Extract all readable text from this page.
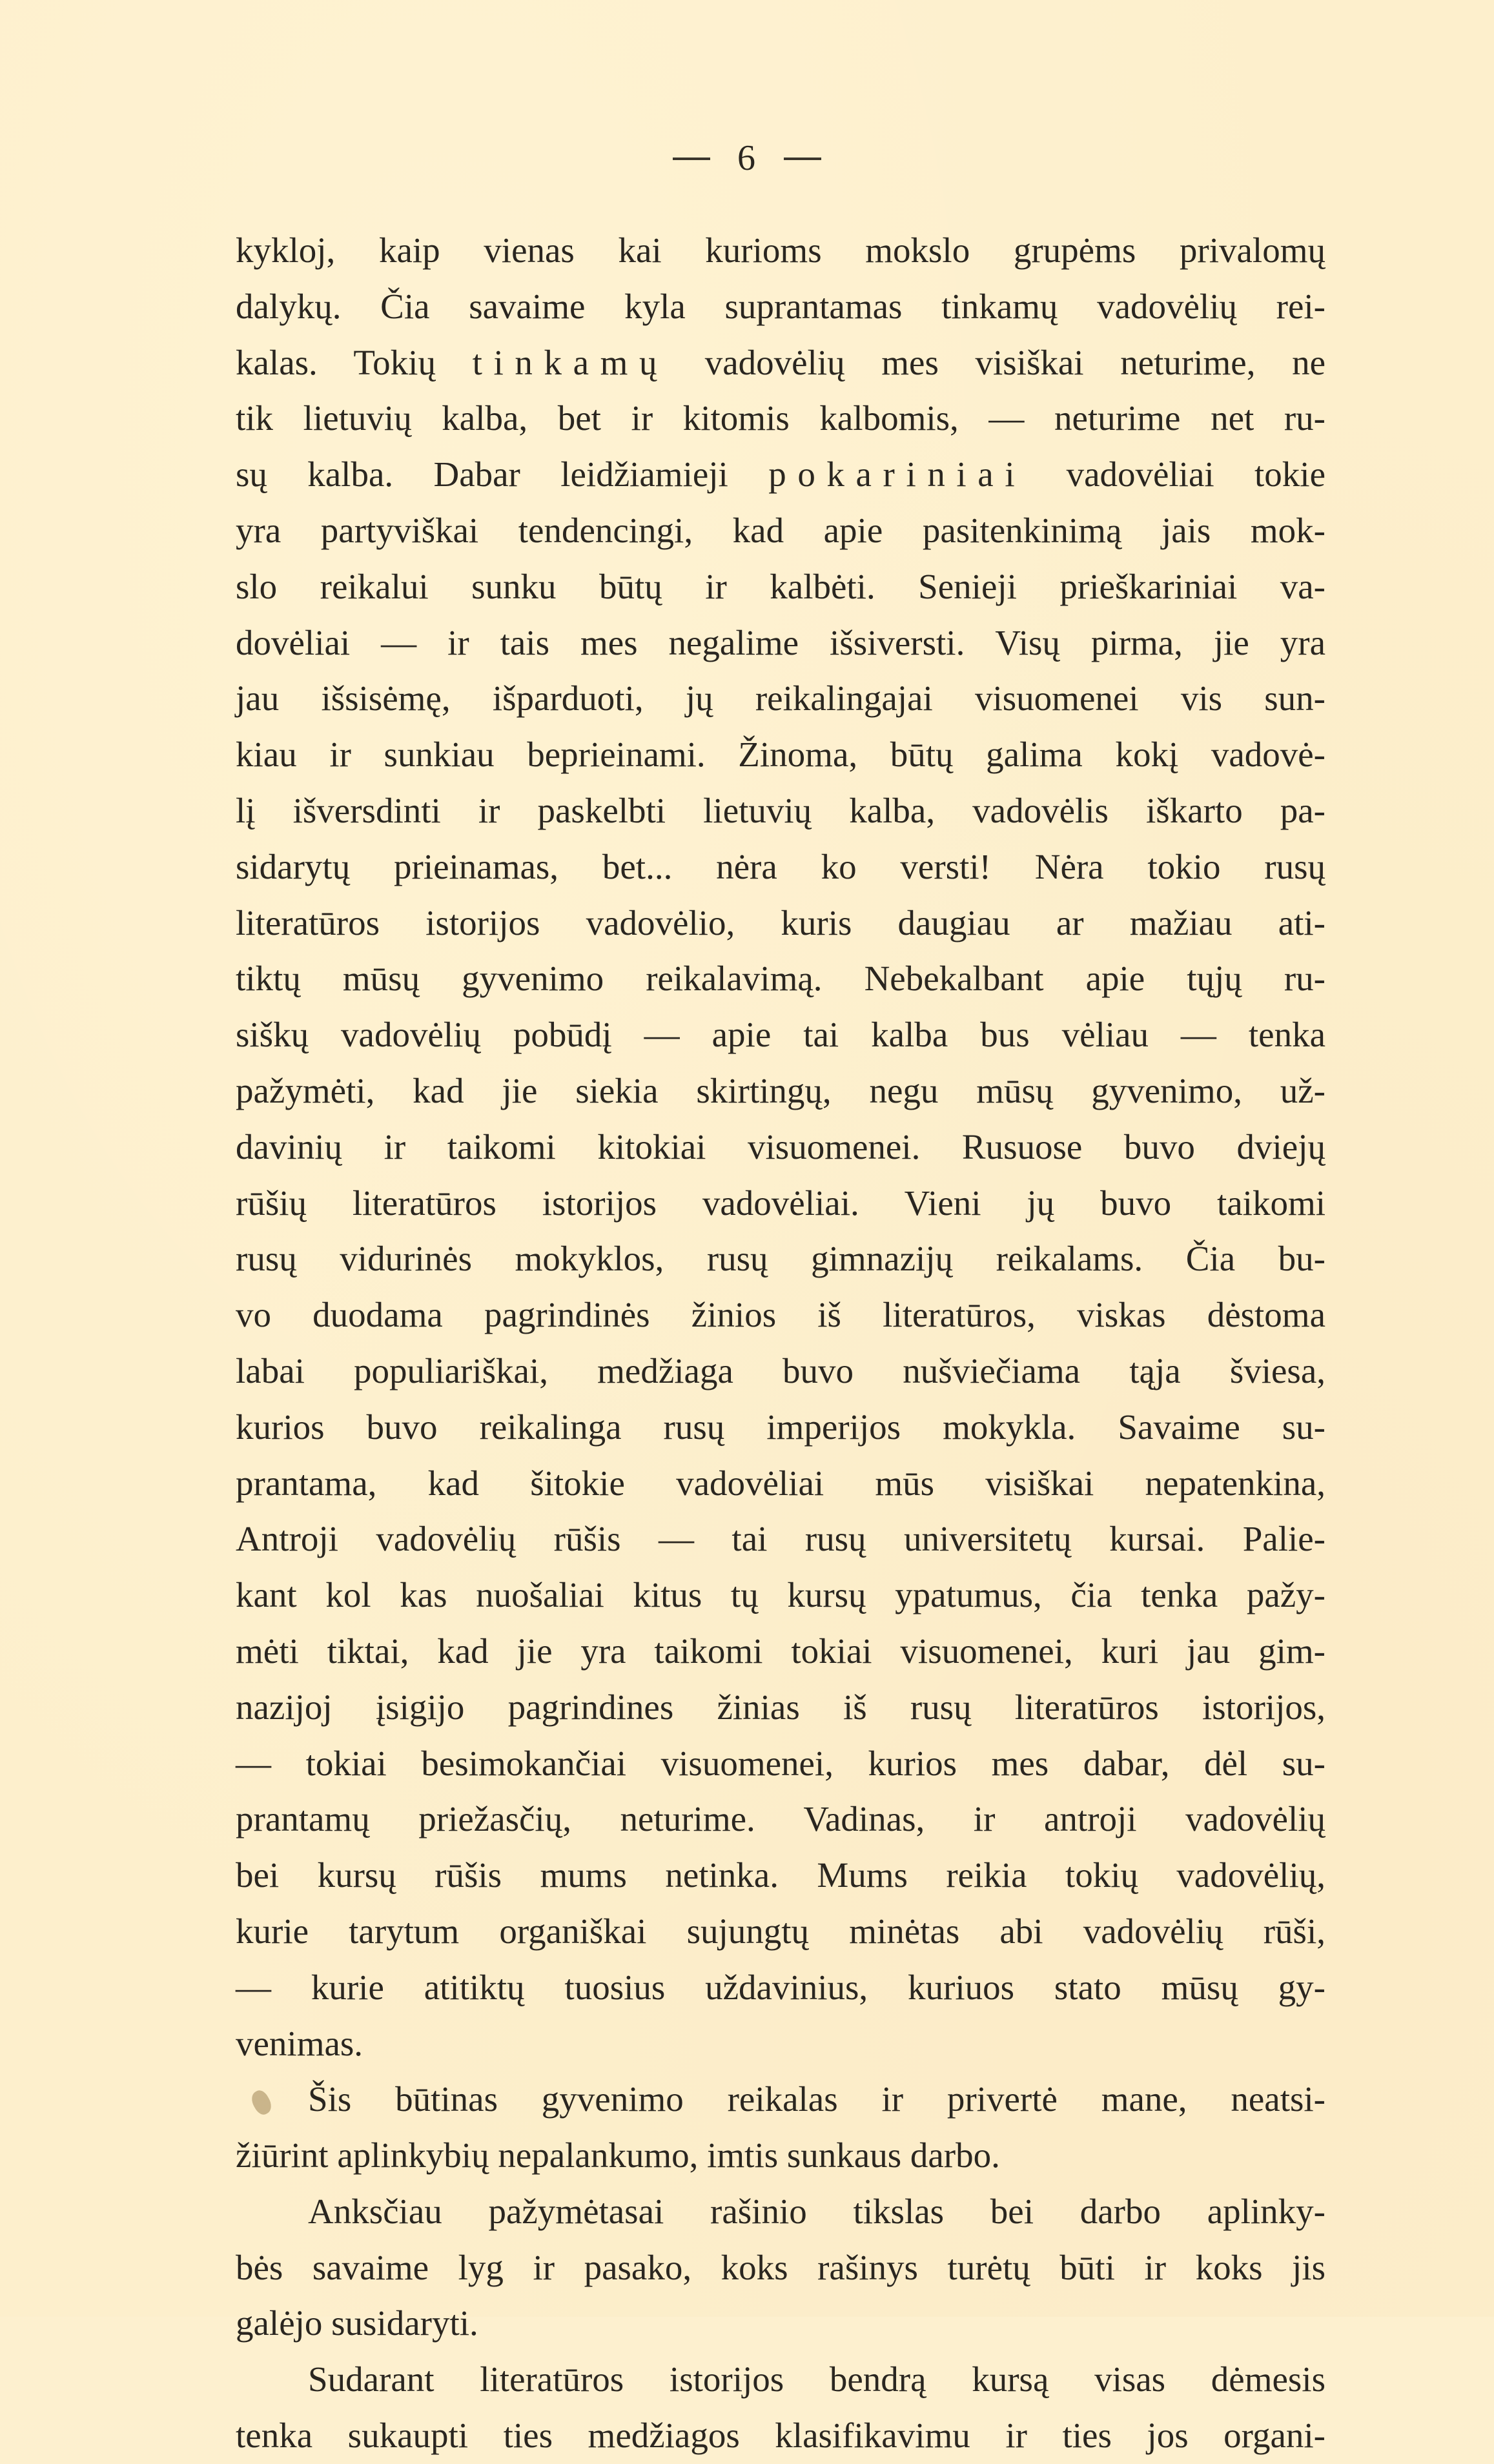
6
kykloj, kaip vienas kai kurioms mokslo grupėms privalomų
dalykų. Čia savaime kyla suprantamas tinkamų vadovėlių rei-
kalas. Tokių tinkamų vadovėlių mes visiškai neturime, ne
tik lietuvių kalba, bet ir kitomis kalbomis, — neturime net ru-
sų kalba. Dabar leidžiamieji pokariniai vadovėliai tokie
yra partyviškai tendencingi, kad apie pasitenkinimą jais mok-
slo reikalui sunku būtų ir kalbėti. Senieji prieškariniai va-
dovėliai — ir tais mes negalime išsiversti. Visų pirma, jie yra
jau išsisėmę, išparduoti, jų reikalingajai visuomenei vis sun-
kiau ir sunkiau beprieinami. Žinoma, būtų galima kokį vadovė-
lį išversdinti ir paskelbti lietuvių kalba, vadovėlis iškarto pa-
sidarytų prieinamas, bet... nėra ko versti! Nėra tokio rusų
literatūros istorijos vadovėlio, kuris daugiau ar mažiau ati-
tiktų mūsų gyvenimo reikalavimą. Nebekalbant apie tųjų ru-
siškų vadovėlių pobūdį — apie tai kalba bus vėliau — tenka
pažymėti, kad jie siekia skirtingų, negu mūsų gyvenimo, už-
davinių ir taikomi kitokiai visuomenei. Rusuose buvo dviejų
rūšių literatūros istorijos vadovėliai. Vieni jų buvo taikomi
rusų vidurinės mokyklos, rusų gimnazijų reikalams. Čia bu-
vo duodama pagrindinės žinios iš literatūros, viskas dėstoma
labai populiariškai, medžiaga buvo nušviečiama tąja šviesa,
kurios buvo reikalinga rusų imperijos mokykla. Savaime su-
prantama, kad šitokie vadovėliai mūs visiškai nepatenkina,
Antroji vadovėlių rūšis — tai rusų universitetų kursai. Palie-
kant kol kas nuošaliai kitus tų kursų ypatumus, čia tenka pažy-
mėti tiktai, kad jie yra taikomi tokiai visuomenei, kuri jau gim-
nazijoj įsigijo pagrindines žinias iš rusų literatūros istorijos,
— tokiai besimokančiai visuomenei, kurios mes dabar, dėl su-
prantamų priežasčių, neturime. Vadinas, ir antroji vadovėlių
bei kursų rūšis mums netinka. Mums reikia tokių vadovėlių,
kurie tarytum organiškai sujungtų minėtas abi vadovėlių rūši,
— kurie atitiktų tuosius uždavinius, kuriuos stato mūsų gy-
venimas.
Šis būtinas gyvenimo reikalas ir privertė mane, neatsi-
žiūrint aplinkybių nepalankumo, imtis sunkaus darbo.
Anksčiau pažymėtasai rašinio tikslas bei darbo aplinky-
bės savaime lyg ir pasako, koks rašinys turėtų būti ir koks jis
galėjo susidaryti.
Sudarant literatūros istorijos bendrą kursą visas dėmesis
tenka sukaupti ties medžiagos klasifikavimu ir ties jos organi-
